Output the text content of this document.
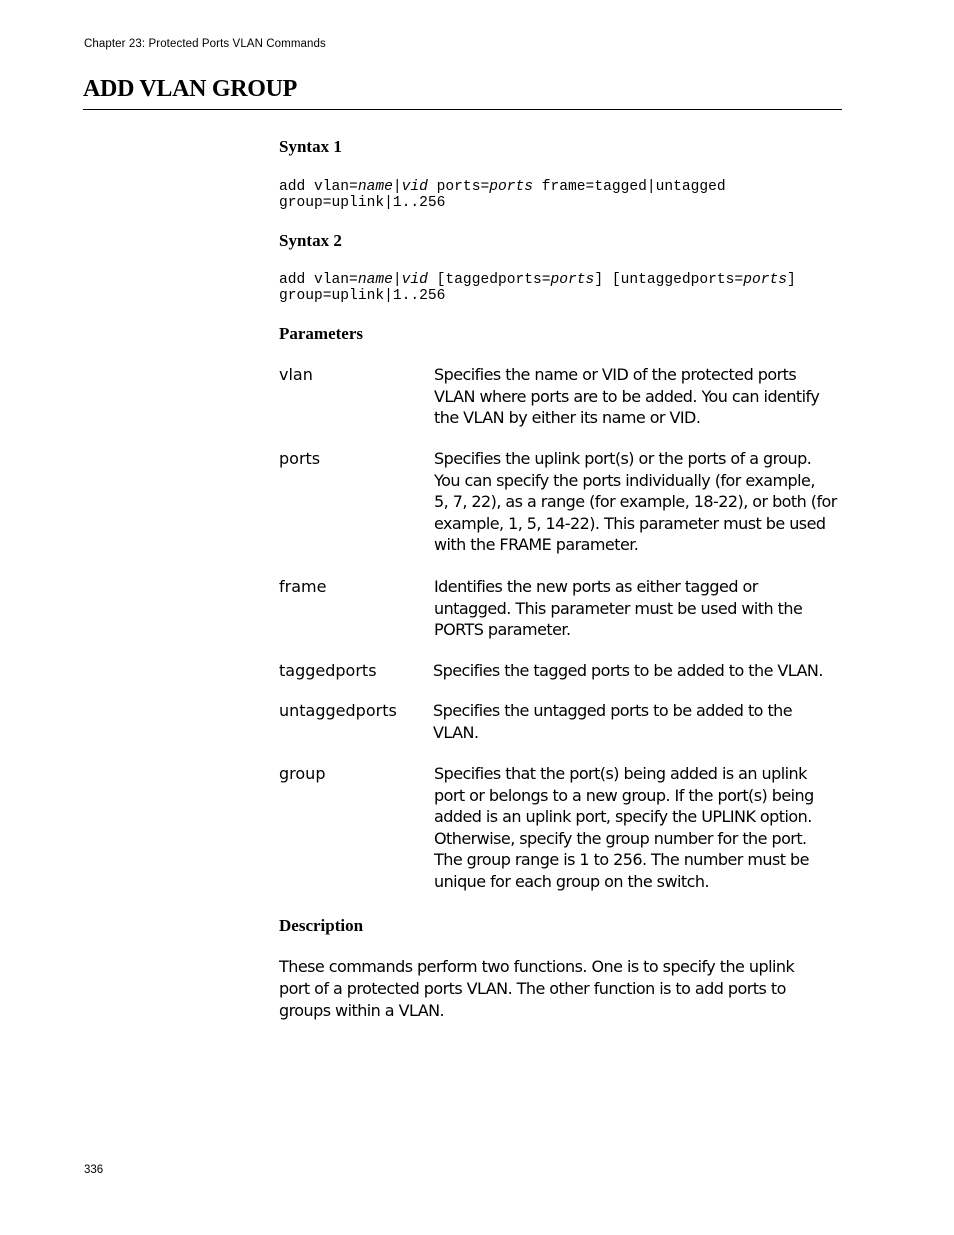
Chapter 23: Protected Ports VLAN Commands
ADD VLAN GROUP
Syntax 1
add vlan=name|vid ports=ports frame=tagged|untagged
group=uplink|1..256
Syntax 2
add vlan=name|vid [taggedports=ports] [untaggedports=ports]
group=uplink|1..256
Parameters
vlan	Specifies the name or VID of the protected ports
VLAN where ports are to be added. You can identify
the VLAN by either its name or VID.
ports	Specifies the uplink port(s) or the ports of a group.
You can specify the ports individually (for example,
5, 7, 22), as a range (for example, 18-22), or both (for
example, 1, 5, 14-22). This parameter must be used
with the FRAME parameter.
frame	Identifies the new ports as either tagged or
untagged. This parameter must be used with the
PORTS parameter.
taggedports	Specifies the tagged ports to be added to the VLAN.
untaggedports Specifies the untagged ports to be added to the
VLAN.
group	Specifies that the port(s) being added is an uplink
port or belongs to a new group. If the port(s) being
added is an uplink port, specify the UPLINK option.
Otherwise, specify the group number for the port.
The group range is 1 to 256. The number must be
unique for each group on the switch.
Description
These commands perform two functions. One is to specify the uplink
port of a protected ports VLAN. The other function is to add ports to
groups within a VLAN.
336
